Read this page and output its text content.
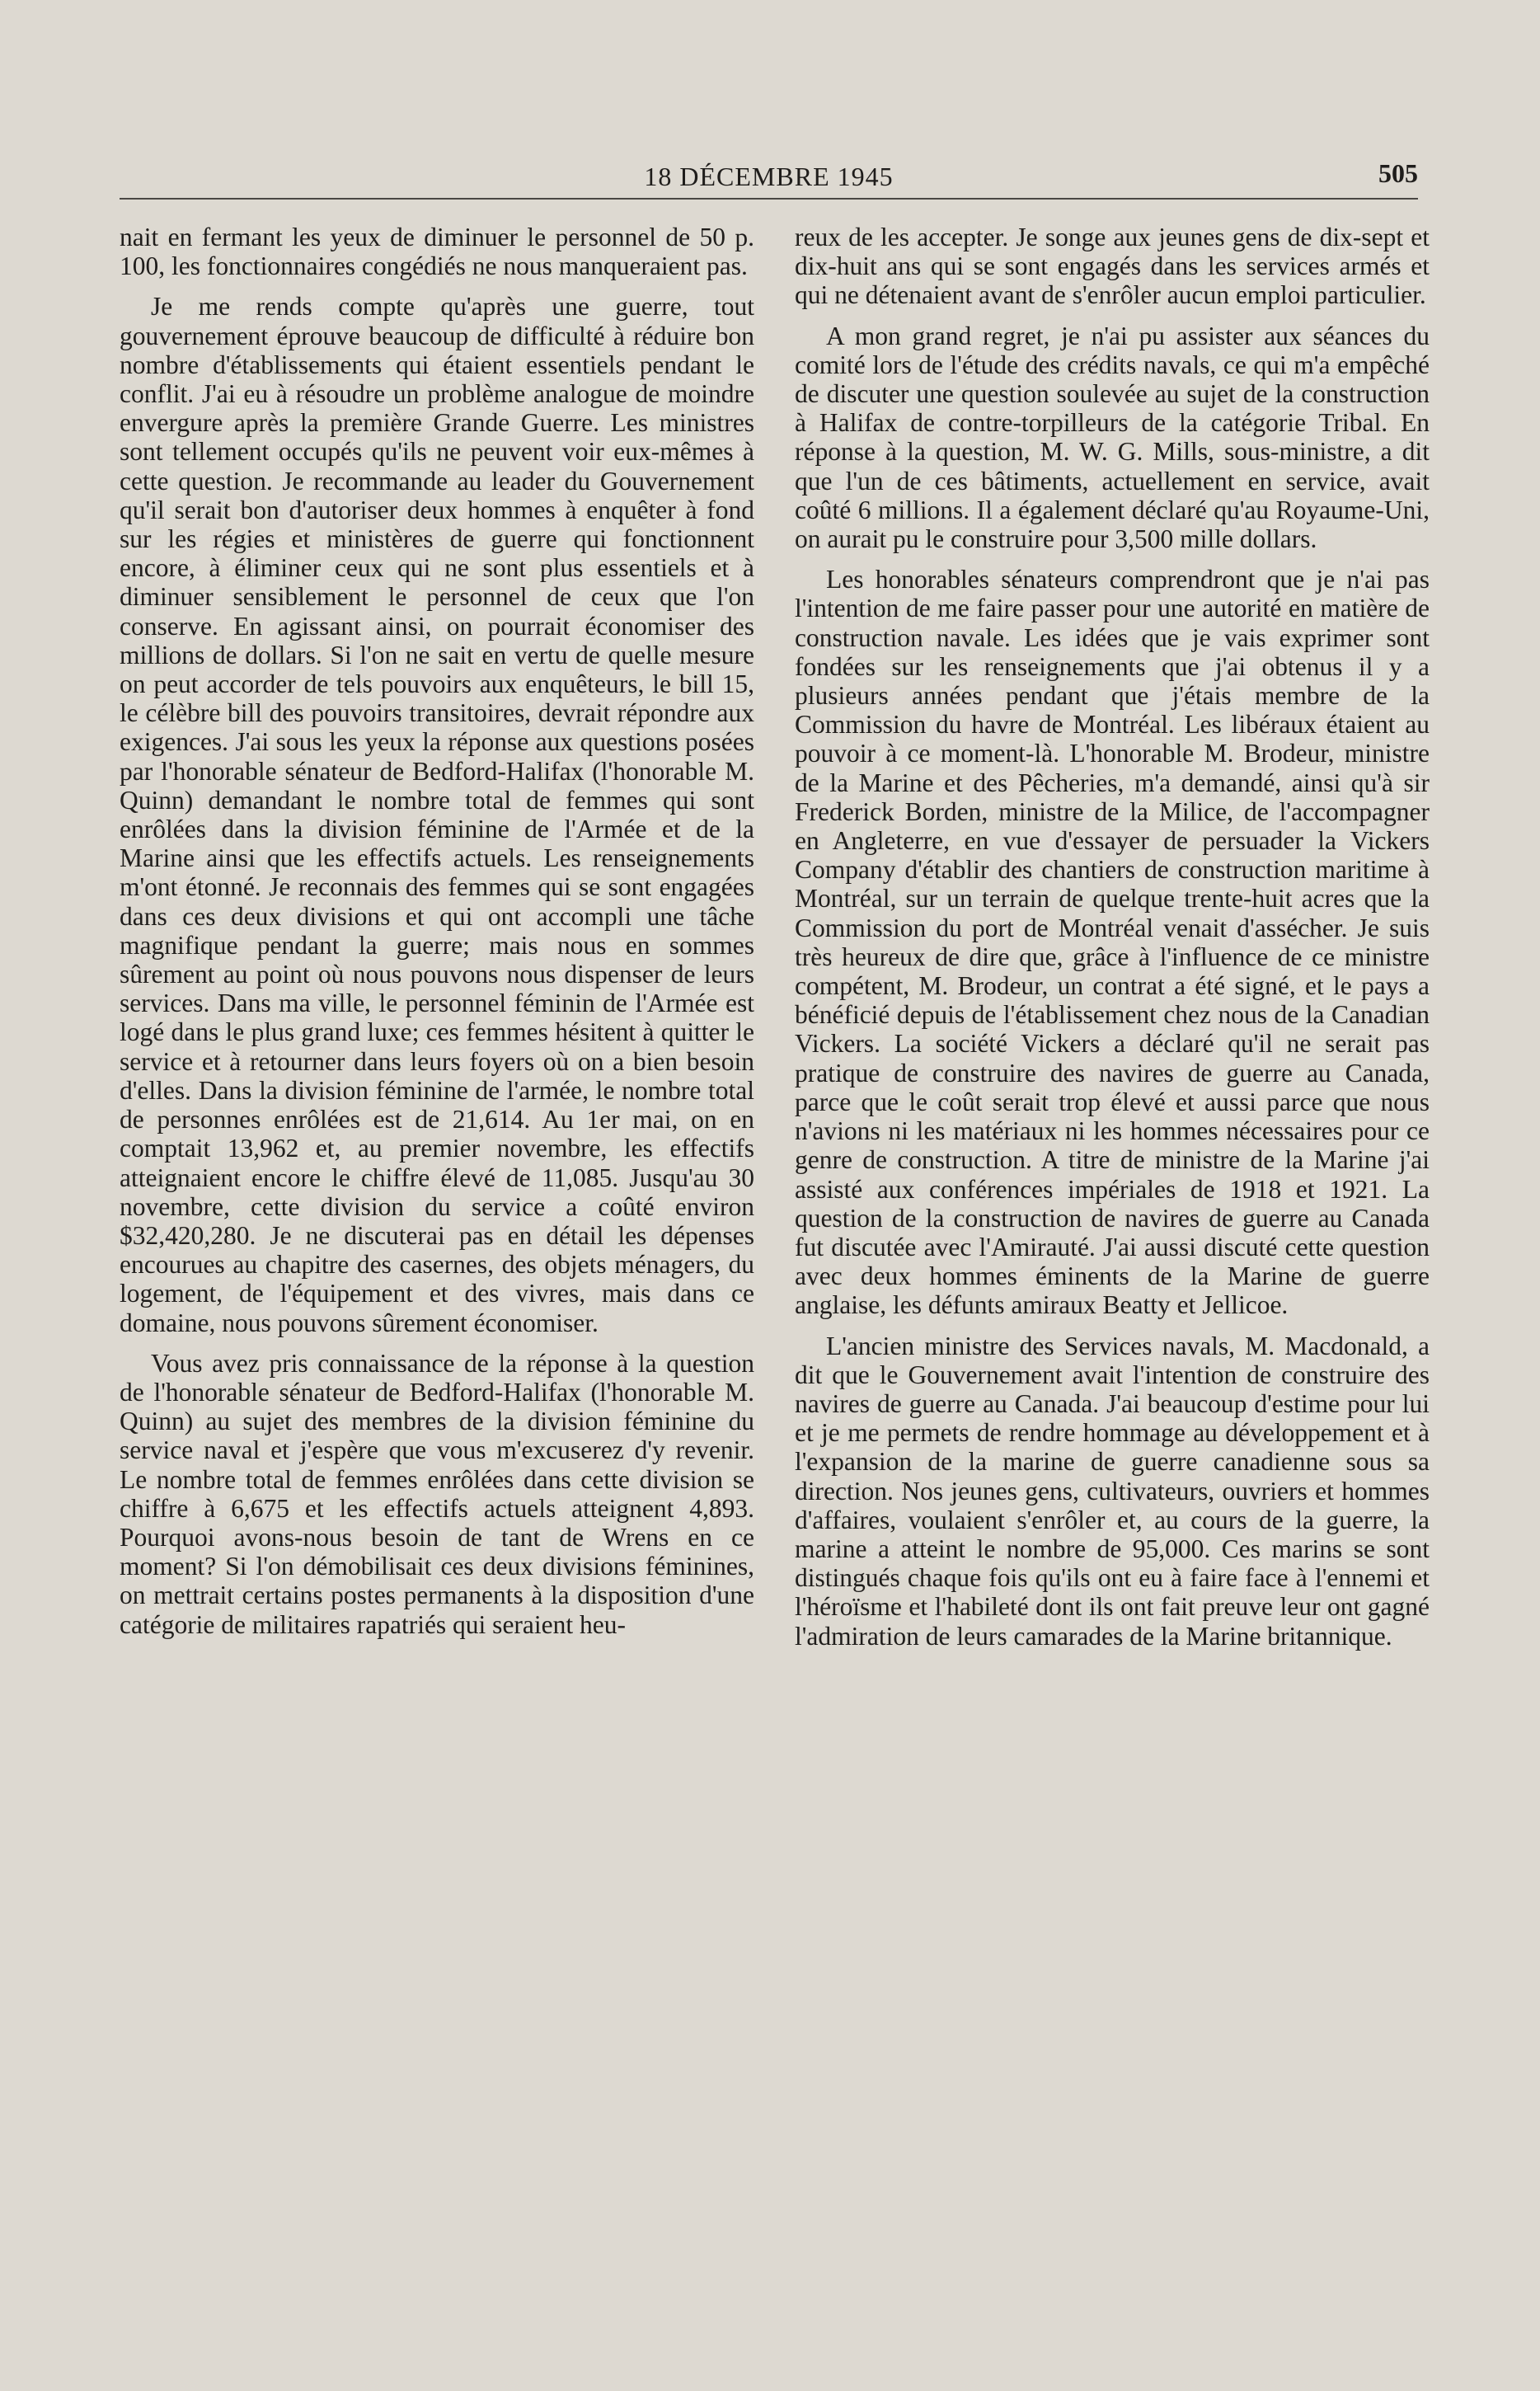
18 DÉCEMBRE 1945	505

nait en fermant les yeux de diminuer le personnel de 50 p. 100, les fonctionnaires congédiés ne nous manqueraient pas.

Je me rends compte qu'après une guerre, tout gouvernement éprouve beaucoup de difficulté à réduire bon nombre d'établissements qui étaient essentiels pendant le conflit. J'ai eu à résoudre un problème analogue de moindre envergure après la première Grande Guerre. Les ministres sont tellement occupés qu'ils ne peuvent voir eux-mêmes à cette question. Je recommande au leader du Gouvernement qu'il serait bon d'autoriser deux hommes à enquêter à fond sur les régies et ministères de guerre qui fonctionnent encore, à éliminer ceux qui ne sont plus essentiels et à diminuer sensiblement le personnel de ceux que l'on conserve. En agissant ainsi, on pourrait économiser des millions de dollars. Si l'on ne sait en vertu de quelle mesure on peut accorder de tels pouvoirs aux enquêteurs, le bill 15, le célèbre bill des pouvoirs transitoires, devrait répondre aux exigences. J'ai sous les yeux la réponse aux questions posées par l'honorable sénateur de Bedford-Halifax (l'honorable M. Quinn) demandant le nombre total de femmes qui sont enrôlées dans la division féminine de l'Armée et de la Marine ainsi que les effectifs actuels. Les renseignements m'ont étonné. Je reconnais des femmes qui se sont engagées dans ces deux divisions et qui ont accompli une tâche magnifique pendant la guerre; mais nous en sommes sûrement au point où nous pouvons nous dispenser de leurs services. Dans ma ville, le personnel féminin de l'Armée est logé dans le plus grand luxe; ces femmes hésitent à quitter le service et à retourner dans leurs foyers où on a bien besoin d'elles. Dans la division féminine de l'armée, le nombre total de personnes enrôlées est de 21,614. Au 1er mai, on en comptait 13,962 et, au premier novembre, les effectifs atteignaient encore le chiffre élevé de 11,085. Jusqu'au 30 novembre, cette division du service a coûté environ $32,420,280. Je ne discuterai pas en détail les dépenses encourues au chapitre des casernes, des objets ménagers, du logement, de l'équipement et des vivres, mais dans ce domaine, nous pouvons sûrement économiser.

Vous avez pris connaissance de la réponse à la question de l'honorable sénateur de Bedford-Halifax (l'honorable M. Quinn) au sujet des membres de la division féminine du service naval et j'espère que vous m'excuserez d'y revenir. Le nombre total de femmes enrôlées dans cette division se chiffre à 6,675 et les effectifs actuels atteignent 4,893. Pourquoi avons-nous besoin de tant de Wrens en ce moment? Si l'on démobilisait ces deux divisions féminines, on mettrait certains postes permanents à la disposition d'une catégorie de militaires rapatriés qui seraient heu-

reux de les accepter. Je songe aux jeunes gens de dix-sept et dix-huit ans qui se sont engagés dans les services armés et qui ne détenaient avant de s'enrôler aucun emploi particulier.

A mon grand regret, je n'ai pu assister aux séances du comité lors de l'étude des crédits navals, ce qui m'a empêché de discuter une question soulevée au sujet de la construction à Halifax de contre-torpilleurs de la catégorie Tribal. En réponse à la question, M. W. G. Mills, sous-ministre, a dit que l'un de ces bâtiments, actuellement en service, avait coûté 6 millions. Il a également déclaré qu'au Royaume-Uni, on aurait pu le construire pour 3,500 mille dollars.

Les honorables sénateurs comprendront que je n'ai pas l'intention de me faire passer pour une autorité en matière de construction navale. Les idées que je vais exprimer sont fondées sur les renseignements que j'ai obtenus il y a plusieurs années pendant que j'étais membre de la Commission du havre de Montréal. Les libéraux étaient au pouvoir à ce moment-là. L'honorable M. Brodeur, ministre de la Marine et des Pêcheries, m'a demandé, ainsi qu'à sir Frederick Borden, ministre de la Milice, de l'accompagner en Angleterre, en vue d'essayer de persuader la Vickers Company d'établir des chantiers de construction maritime à Montréal, sur un terrain de quelque trente-huit acres que la Commission du port de Montréal venait d'assécher. Je suis très heureux de dire que, grâce à l'influence de ce ministre compétent, M. Brodeur, un contrat a été signé, et le pays a bénéficié depuis de l'établissement chez nous de la Canadian Vickers. La société Vickers a déclaré qu'il ne serait pas pratique de construire des navires de guerre au Canada, parce que le coût serait trop élevé et aussi parce que nous n'avions ni les matériaux ni les hommes nécessaires pour ce genre de construction. A titre de ministre de la Marine j'ai assisté aux conférences impériales de 1918 et 1921. La question de la construction de navires de guerre au Canada fut discutée avec l'Amirauté. J'ai aussi discuté cette question avec deux hommes éminents de la Marine de guerre anglaise, les défunts amiraux Beatty et Jellicoe.

L'ancien ministre des Services navals, M. Macdonald, a dit que le Gouvernement avait l'intention de construire des navires de guerre au Canada. J'ai beaucoup d'estime pour lui et je me permets de rendre hommage au développement et à l'expansion de la marine de guerre canadienne sous sa direction. Nos jeunes gens, cultivateurs, ouvriers et hommes d'affaires, voulaient s'enrôler et, au cours de la guerre, la marine a atteint le nombre de 95,000. Ces marins se sont distingués chaque fois qu'ils ont eu à faire face à l'ennemi et l'héroïsme et l'habileté dont ils ont fait preuve leur ont gagné l'admiration de leurs camarades de la Marine britannique.
